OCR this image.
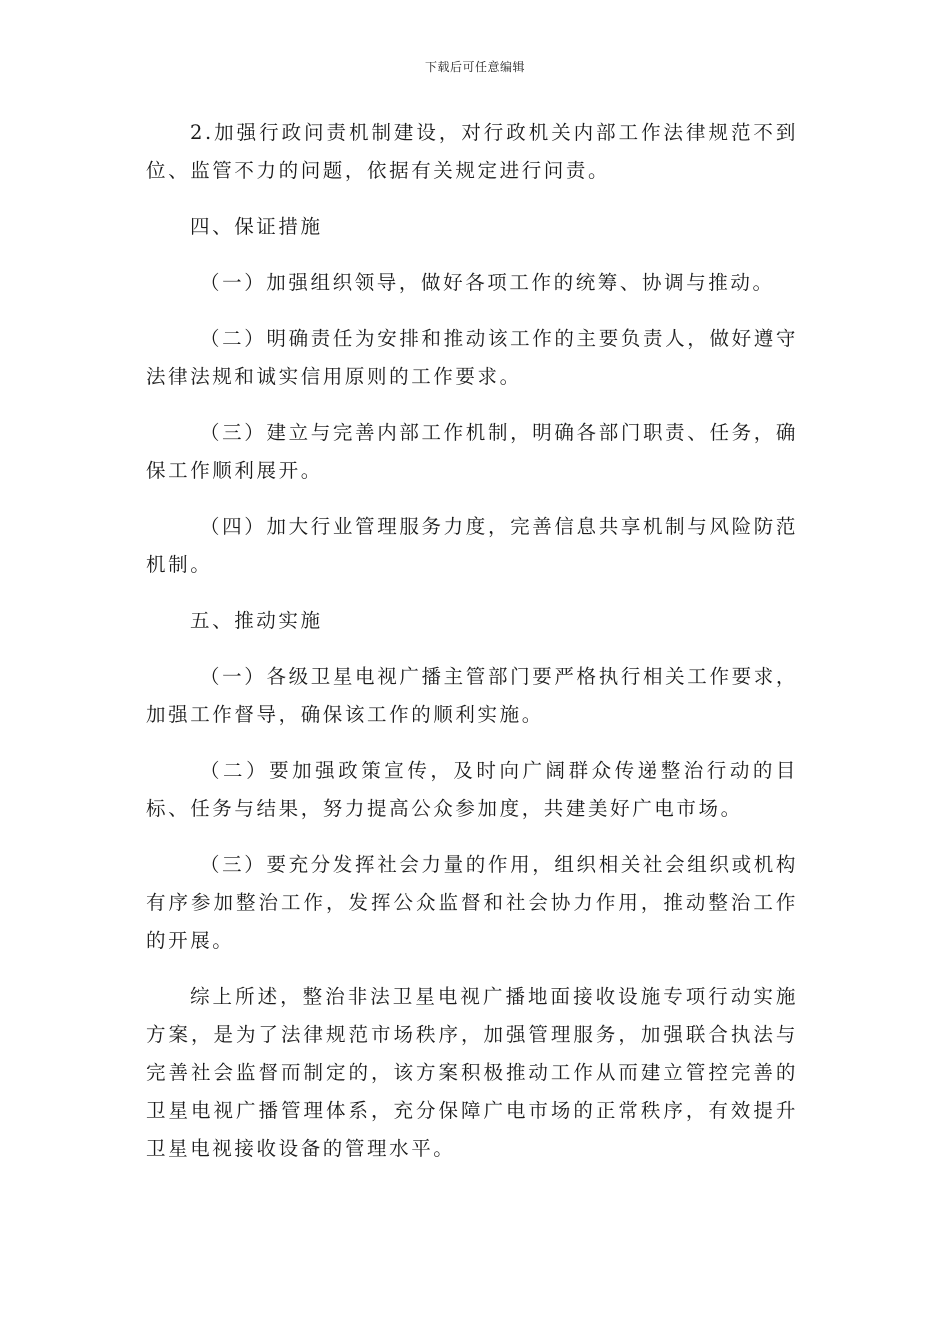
下载后可任意编辑

2.加强行政问责机制建设，对行政机关内部工作法律规范不到位、监管不力的问题，依据有关规定进行问责。

四、保证措施

（一）加强组织领导，做好各项工作的统筹、协调与推动。

（二）明确责任为安排和推动该工作的主要负责人，做好遵守法律法规和诚实信用原则的工作要求。

（三）建立与完善内部工作机制，明确各部门职责、任务，确保工作顺利展开。

（四）加大行业管理服务力度，完善信息共享机制与风险防范机制。

五、推动实施

（一）各级卫星电视广播主管部门要严格执行相关工作要求，加强工作督导，确保该工作的顺利实施。

（二）要加强政策宣传，及时向广阔群众传递整治行动的目标、任务与结果，努力提高公众参加度，共建美好广电市场。

（三）要充分发挥社会力量的作用，组织相关社会组织或机构有序参加整治工作，发挥公众监督和社会协力作用，推动整治工作的开展。

综上所述，整治非法卫星电视广播地面接收设施专项行动实施方案，是为了法律规范市场秩序，加强管理服务，加强联合执法与完善社会监督而制定的，该方案积极推动工作从而建立管控完善的卫星电视广播管理体系，充分保障广电市场的正常秩序，有效提升卫星电视接收设备的管理水平。
